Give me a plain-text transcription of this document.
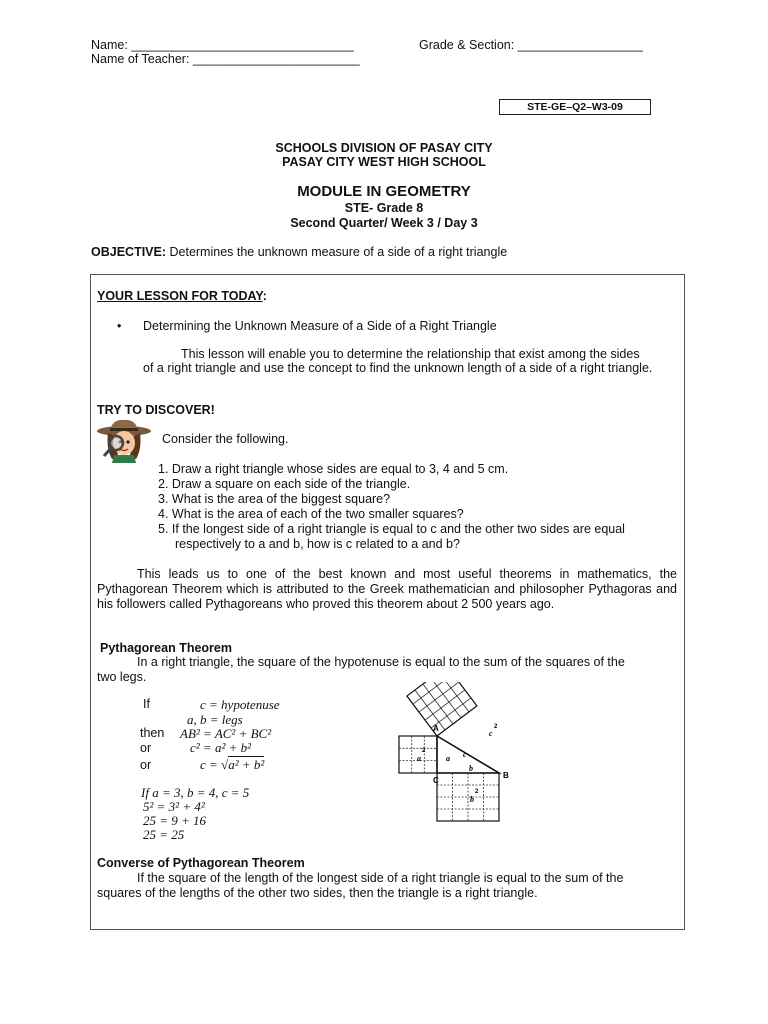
Name: ________________________________	Grade & Section: __________________
Name of Teacher: ________________________
STE-GE–Q2–W3-09
SCHOOLS DIVISION OF PASAY CITY
PASAY CITY WEST HIGH SCHOOL
MODULE IN GEOMETRY
STE- Grade 8
Second Quarter/ Week 3 / Day 3
OBJECTIVE: Determines the unknown measure of a side of a right triangle
YOUR LESSON FOR TODAY:
• Determining the Unknown Measure of a Side of a Right Triangle
This lesson will enable you to determine the relationship that exist among the sides
of a right triangle and use the concept to find the unknown length of a side of a right triangle.
TRY TO DISCOVER!
Consider the following.
1. Draw a right triangle whose sides are equal to 3, 4 and 5 cm.
2. Draw a square on each side of the triangle.
3. What is the area of the biggest square?
4. What is the area of each of the two smaller squares?
5. If the longest side of a right triangle is equal to c and the other two sides are equal
respectively to a and b, how is c related to a and b?
This leads us to one of the best known and most useful theorems in mathematics, the Pythagorean Theorem which is attributed to the Greek mathematician and philosopher Pythagoras and his followers called Pythagoreans who proved this theorem about 2 500 years ago.
Pythagorean Theorem
In a right triangle, the square of the hypotenuse is equal to the sum of the squares of the
two legs.
If	c = hypotenuse
a, b = legs
then AB² = AC² + BC²
or	c² = a² + b²
or	c = √a² + b²
If a = 3, b = 4, c = 5
5² = 3² + 4²
25 = 9 + 16
25 = 25
A
B
C
a
b
c
a
2
b
2
c
2
Converse of Pythagorean Theorem
If the square of the length of the longest side of a right triangle is equal to the sum of the
squares of the lengths of the other two sides, then the triangle is a right triangle.
